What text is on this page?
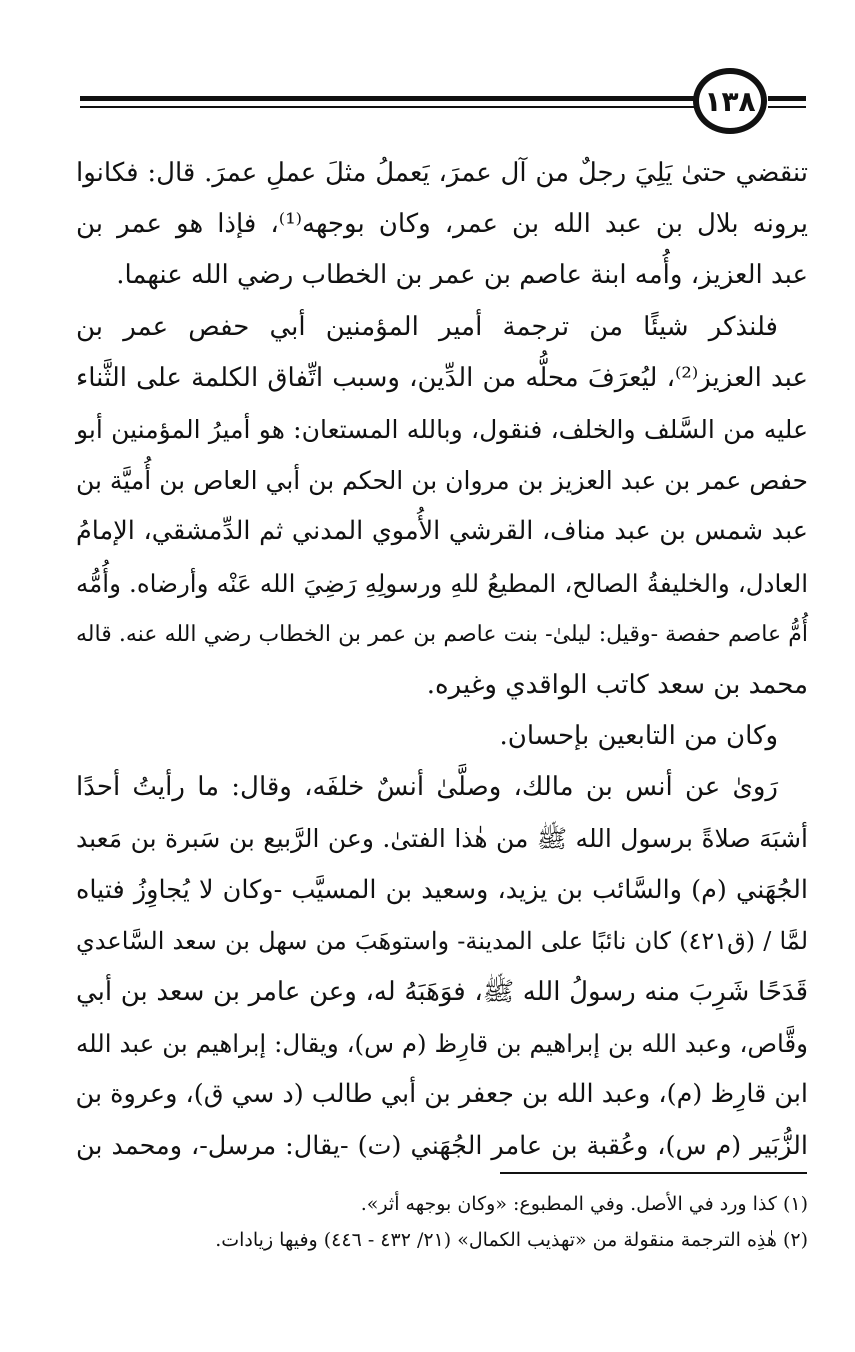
١٣٨
تنقضي حتىٰ يَلِيَ رجلٌ من آل عمرَ، يَعملُ مثلَ عملِ عمرَ. قال: فكانوا
يرونه بلال بن عبد الله بن عمر، وكان بوجهه⁽¹⁾، فإذا هو عمر بن
عبد العزيز، وأُمه ابنة عاصم بن عمر بن الخطاب رضي الله عنهما.
فلنذكر شيئًا من ترجمة أمير المؤمنين أبي حفص عمر بن
عبد العزيز⁽²⁾، ليُعرَفَ محلُّه من الدِّين، وسبب اتِّفاق الكلمة على الثَّناء
عليه من السَّلف والخلف، فنقول، وبالله المستعان: هو أميرُ المؤمنين أبو
حفص عمر بن عبد العزيز بن مروان بن الحكم بن أبي العاص بن أُميَّة بن
عبد شمس بن عبد مناف، القرشي الأُموي المدني ثم الدِّمشقي، الإمامُ
العادل، والخليفةُ الصالح، المطيعُ للهِ ورسولِهِ رَضِيَ الله عَنْه وأرضاه. وأُمُّه
أُمُّ عاصم حفصة -وقيل: ليلىٰ- بنت عاصم بن عمر بن الخطاب رضي الله عنه. قاله
محمد بن سعد كاتب الواقدي وغيره.
وكان من التابعين بإحسان.
رَوىٰ عن أنس بن مالك، وصلَّىٰ أنسٌ خلفَه، وقال: ما رأيتُ أحدًا
أشبَهَ صلاةً برسول الله ﷺ من هٰذا الفتىٰ. وعن الرَّبيع بن سَبرة بن مَعبد
الجُهَني (م) والسَّائب بن يزيد، وسعيد بن المسيَّب -وكان لا يُجاوِزُ فتياه
لمَّا / (ق٤٢١) كان نائبًا على المدينة- واستوهَبَ من سهل بن سعد السَّاعدي
قَدَحًا شَرِبَ منه رسولُ الله ﷺ، فوَهَبَهُ له، وعن عامر بن سعد بن أبي
وقَّاص، وعبد الله بن إبراهيم بن قارِظ (م س)، ويقال: إبراهيم بن عبد الله
ابن قارِظ (م)، وعبد الله بن جعفر بن أبي طالب (د سي ق)، وعروة بن
الزُّبَير (م س)، وعُقبة بن عامر الجُهَني (ت) -يقال: مرسل-، ومحمد بن
(١) كذا ورد في الأصل. وفي المطبوع: «وكان بوجهه أثر».
(٢) هٰذِه الترجمة منقولة من «تهذيب الكمال» (٢١/ ٤٣٢ - ٤٤٦) وفيها زيادات.
